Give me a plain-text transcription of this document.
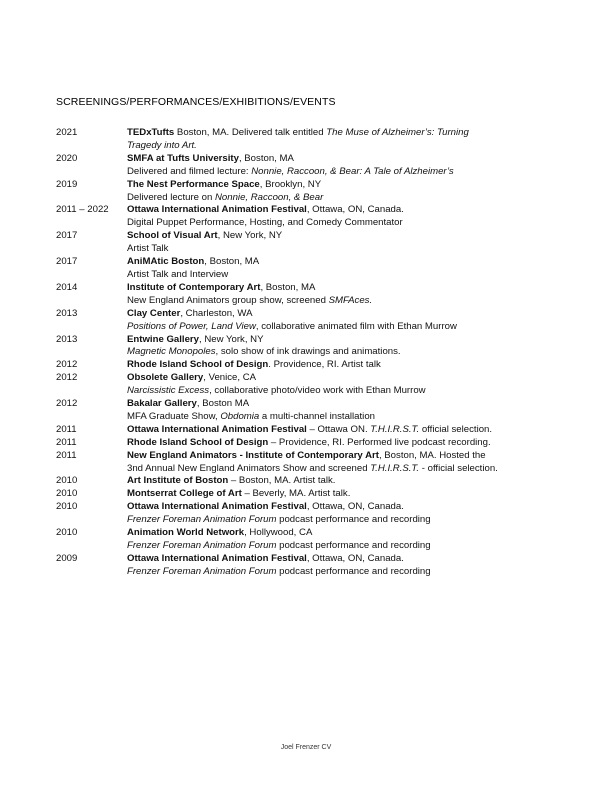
SCREENINGS/PERFORMANCES/EXHIBITIONS/EVENTS
2021	TEDxTufts Boston, MA. Delivered talk entitled The Muse of Alzheimer’s: Turning
Tragedy into Art.
2020	SMFA at Tufts University, Boston, MA
Delivered and filmed lecture: Nonnie, Raccoon, & Bear: A Tale of Alzheimer’s
2019	The Nest Performance Space, Brooklyn, NY
Delivered lecture on Nonnie, Raccoon, & Bear
2011 – 2022	Ottawa International Animation Festival, Ottawa, ON, Canada.
Digital Puppet Performance, Hosting, and Comedy Commentator
2017	School of Visual Art, New York, NY
Artist Talk
2017	AniMAtic Boston, Boston, MA
Artist Talk and Interview
2014	Institute of Contemporary Art, Boston, MA
New England Animators group show, screened SMFAces.
2013	Clay Center, Charleston, WA
Positions of Power, Land View, collaborative animated film with Ethan Murrow
2013	Entwine Gallery, New York, NY
Magnetic Monopoles, solo show of ink drawings and animations.
2012	Rhode Island School of Design. Providence, RI. Artist talk
2012	Obsolete Gallery, Venice, CA
Narcissistic Excess, collaborative photo/video work with Ethan Murrow
2012	Bakalar Gallery, Boston MA
MFA Graduate Show, Obdomia a multi-channel installation
2011	Ottawa International Animation Festival – Ottawa ON. T.H.I.R.S.T. official selection.
2011	Rhode Island School of Design – Providence, RI. Performed live podcast recording.
2011	New England Animators - Institute of Contemporary Art, Boston, MA. Hosted the
3nd Annual New England Animators Show and screened T.H.I.R.S.T. - official selection.
2010	Art Institute of Boston – Boston, MA. Artist talk.
2010	Montserrat College of Art – Beverly, MA. Artist talk.
2010	Ottawa International Animation Festival, Ottawa, ON, Canada.
Frenzer Foreman Animation Forum podcast performance and recording
2010	Animation World Network, Hollywood, CA
Frenzer Foreman Animation Forum podcast performance and recording
2009	Ottawa International Animation Festival, Ottawa, ON, Canada.
Frenzer Foreman Animation Forum podcast performance and recording
Joel Frenzer CV
